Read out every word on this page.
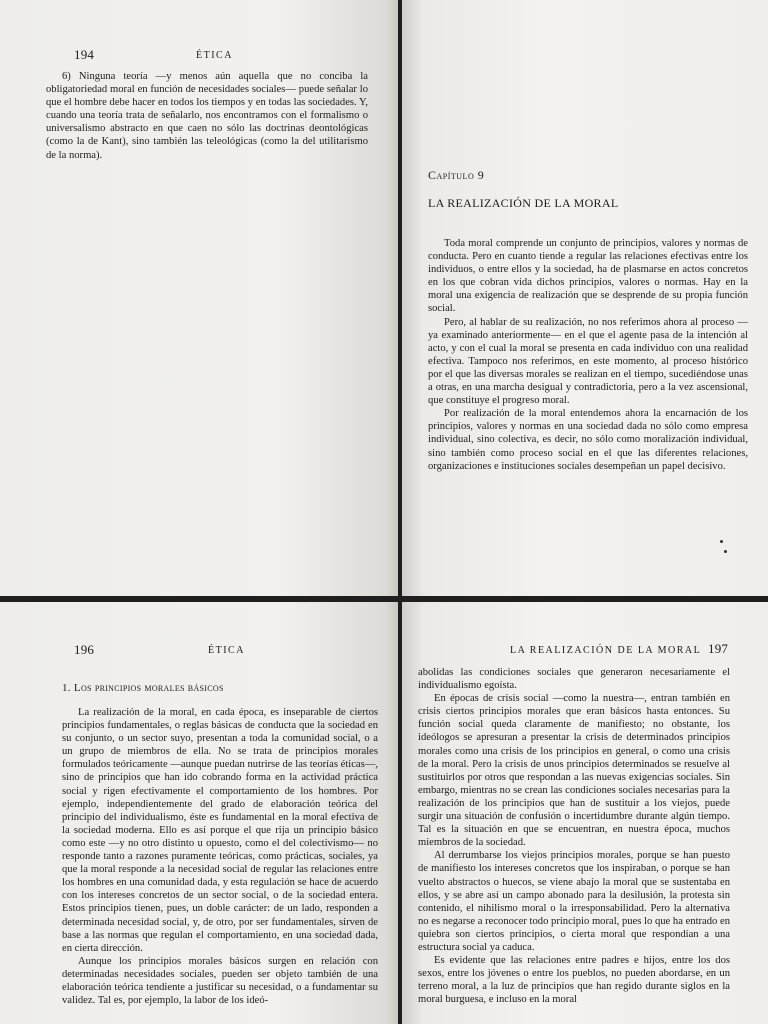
194	ÉTICA

6) Ninguna teoría —y menos aún aquella que no conciba la obligatoriedad moral en función de necesidades sociales— puede señalar lo que el hombre debe hacer en todos los tiempos y en todas las sociedades. Y, cuando una teoría trata de señalarlo, nos encontramos con el formalismo o universalismo abstracto en que caen no sólo las doctrinas deontológicas (como la de Kant), sino también las teleológicas (como la del utilitarismo de la norma).

Capítulo 9
LA REALIZACIÓN DE LA MORAL

Toda moral comprende un conjunto de principios, valores y normas de conducta. Pero en cuanto tiende a regular las relaciones efectivas entre los individuos, o entre ellos y la sociedad, ha de plasmarse en actos concretos en los que cobran vida dichos principios, valores o normas. Hay en la moral una exigencia de realización que se desprende de su propia función social.

Pero, al hablar de su realización, no nos referimos ahora al proceso —ya examinado anteriormente— en el que el agente pasa de la intención al acto, y con el cual la moral se presenta en cada individuo con una realidad efectiva. Tampoco nos referimos, en este momento, al proceso histórico por el que las diversas morales se realizan en el tiempo, sucediéndose unas a otras, en una marcha desigual y contradictoria, pero a la vez ascensional, que constituye el progreso moral.

Por realización de la moral entendemos ahora la encarnación de los principios, valores y normas en una sociedad dada no sólo como empresa individual, sino colectiva, es decir, no sólo como moralización individual, sino también como proceso social en el que las diferentes relaciones, organizaciones e instituciones sociales desempeñan un papel decisivo.

196	ÉTICA
1. Los principios morales básicos

La realización de la moral, en cada época, es inseparable de ciertos principios fundamentales, o reglas básicas de conducta que la sociedad en su conjunto, o un sector suyo, presentan a toda la comunidad social, o a un grupo de miembros de ella. No se trata de principios morales formulados teóricamente —aunque puedan nutrirse de las teorías éticas—, sino de principios que han ido cobrando forma en la actividad práctica social y rigen efectivamente el comportamiento de los hombres. Por ejemplo, independientemente del grado de elaboración teórica del principio del individualismo, éste es fundamental en la moral efectiva de la sociedad moderna. Ello es así porque el que rija un principio básico como este —y no otro distinto u opuesto, como el del colectivismo— no responde tanto a razones puramente teóricas, como prácticas, sociales, ya que la moral responde a la necesidad social de regular las relaciones entre los hombres en una comunidad dada, y esta regulación se hace de acuerdo con los intereses concretos de un sector social, o de la sociedad entera. Estos principios tienen, pues, un doble carácter: de un lado, responden a determinada necesidad social, y, de otro, por ser fundamentales, sirven de base a las normas que regulan el comportamiento, en una sociedad dada, en cierta dirección.

Aunque los principios morales básicos surgen en relación con determinadas necesidades sociales, pueden ser objeto también de una elaboración teórica tendiente a justificar su necesidad, o a fundamentar su validez. Tal es, por ejemplo, la labor de los ideó-

LA REALIZACIÓN DE LA MORAL 197

abolidas las condiciones sociales que generaron necesariamente el individualismo egoísta.

En épocas de crisis social —como la nuestra—, entran también en crisis ciertos principios morales que eran básicos hasta entonces. Su función social queda claramente de manifiesto; no obstante, los ideólogos se apresuran a presentar la crisis de determinados principios morales como una crisis de los principios en general, o como una crisis de la moral. Pero la crisis de unos principios determinados se resuelve al sustituirlos por otros que respondan a las nuevas exigencias sociales. Sin embargo, mientras no se crean las condiciones sociales necesarias para la realización de los principios que han de sustituir a los viejos, puede surgir una situación de confusión o incertidumbre durante algún tiempo. Tal es la situación en que se encuentran, en nuestra época, muchos miembros de la sociedad.

Al derrumbarse los viejos principios morales, porque se han puesto de manifiesto los intereses concretos que los inspiraban, o porque se han vuelto abstractos o huecos, se viene abajo la moral que se sustentaba en ellos, y se abre así un campo abonado para la desilusión, la protesta sin contenido, el nihilismo moral o la irresponsabilidad. Pero la alternativa no es negarse a reconocer todo principio moral, pues lo que ha entrado en quiebra son ciertos principios, o cierta moral que respondían a una estructura social ya caduca.

Es evidente que las relaciones entre padres e hijos, entre los dos sexos, entre los jóvenes o entre los pueblos, no pueden abordarse, en un terreno moral, a la luz de principios que han regido durante siglos en la moral burguesa, e incluso en la moral
